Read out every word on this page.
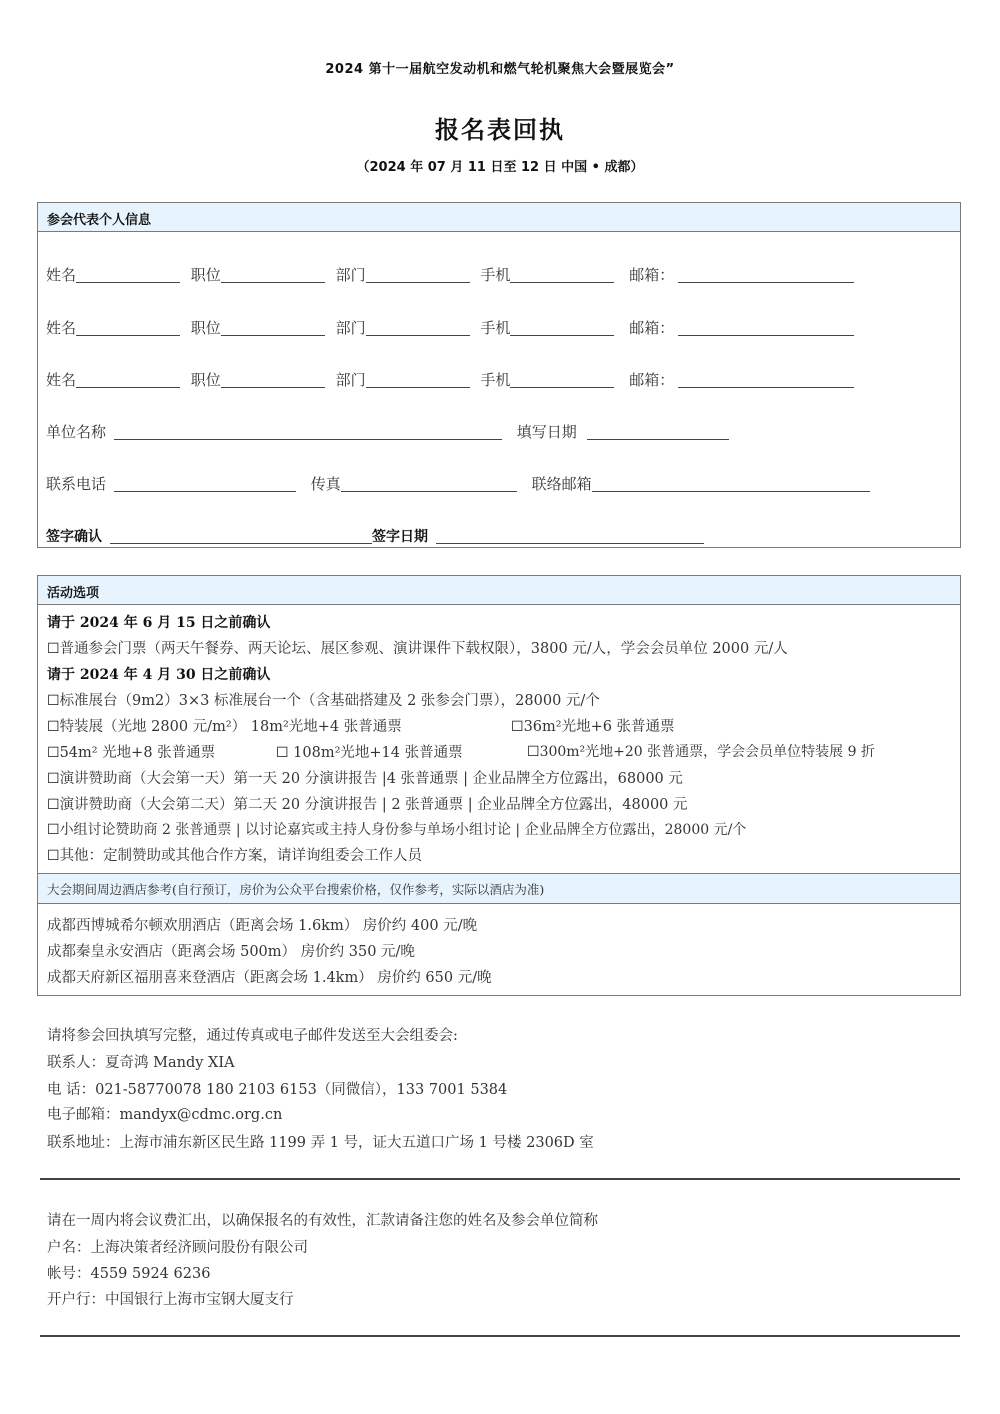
2024 第十一届航空发动机和燃气轮机聚焦大会暨展览会”
报名表回执
（2024 年 07 月 11 日至 12 日 中国 • 成都）
参会代表个人信息
姓名	职位	部门	手机	邮箱：
姓名	职位	部门	手机	邮箱：
姓名	职位	部门	手机	邮箱：
单位名称	填写日期
联系电话	传真	联络邮箱
签字确认	签字日期
活动选项
请于 2024 年 6 月 15 日之前确认
☐普通参会门票（两天午餐券、两天论坛、展区参观、演讲课件下载权限），3800 元/人，学会会员单位 2000 元/人
请于 2024 年 4 月 30 日之前确认
☐标准展台（9m2）3×3 标准展台一个（含基础搭建及 2 张参会门票），28000 元/个
☐特装展（光地 2800 元/m²） 18m²光地+4 张普通票	☐36m²光地+6 张普通票
☐54m² 光地+8 张普通票	☐ 108m²光地+14 张普通票	☐300m²光地+20 张普通票，学会会员单位特装展 9 折
☐演讲赞助商（大会第一天）第一天 20 分演讲报告 |4 张普通票 | 企业品牌全方位露出，68000 元
☐演讲赞助商（大会第二天）第二天 20 分演讲报告 | 2 张普通票 | 企业品牌全方位露出，48000 元
☐小组讨论赞助商 2 张普通票 | 以讨论嘉宾或主持人身份参与单场小组讨论 | 企业品牌全方位露出，28000 元/个
☐其他：定制赞助或其他合作方案，请详询组委会工作人员
大会期间周边酒店参考(自行预订，房价为公众平台搜索价格，仅作参考，实际以酒店为准)
成都西博城希尔顿欢朋酒店（距离会场 1.6km） 房价约 400 元/晚
成都秦皇永安酒店（距离会场 500m） 房价约 350 元/晚
成都天府新区福朋喜来登酒店（距离会场 1.4km） 房价约 650 元/晚
请将参会回执填写完整，通过传真或电子邮件发送至大会组委会:
联系人：夏奇鸿 Mandy XIA
电 话：021-58770078 180 2103 6153（同微信），133 7001 5384
电子邮箱：mandyx@cdmc.org.cn
联系地址：上海市浦东新区民生路 1199 弄 1 号，证大五道口广场 1 号楼 2306D 室
请在一周内将会议费汇出，以确保报名的有效性，汇款请备注您的姓名及参会单位简称
户名：上海决策者经济顾问股份有限公司
帐号：4559 5924 6236
开户行：中国银行上海市宝钢大厦支行
